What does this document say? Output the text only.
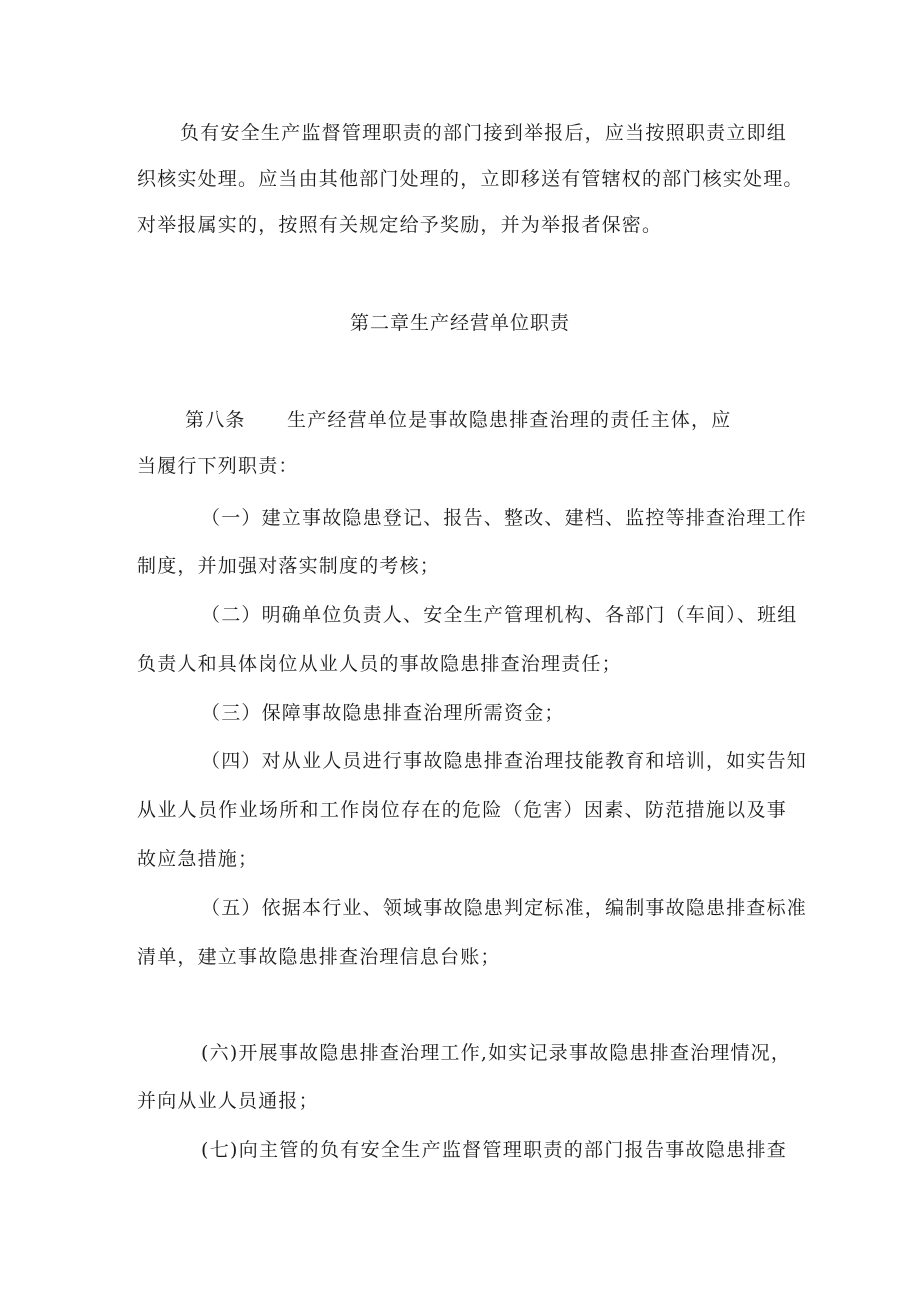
负有安全生产监督管理职责的部门接到举报后，应当按照职责立即组
织核实处理。应当由其他部门处理的，立即移送有管辖权的部门核实处理。
对举报属实的，按照有关规定给予奖励，并为举报者保密。
第二章生产经营单位职责
第八条 生产经营单位是事故隐患排查治理的责任主体，应
当履行下列职责：
（一）建立事故隐患登记、报告、整改、建档、监控等排查治理工作
制度，并加强对落实制度的考核；
（二）明确单位负责人、安全生产管理机构、各部门（车间）、班组
负责人和具体岗位从业人员的事故隐患排查治理责任；
（三）保障事故隐患排查治理所需资金；
（四）对从业人员进行事故隐患排查治理技能教育和培训，如实告知
从业人员作业场所和工作岗位存在的危险（危害）因素、防范措施以及事
故应急措施；
（五）依据本行业、领域事故隐患判定标准，编制事故隐患排查标准
清单，建立事故隐患排查治理信息台账；
(六)开展事故隐患排查治理工作,如实记录事故隐患排查治理情况，
并向从业人员通报；
(七)向主管的负有安全生产监督管理职责的部门报告事故隐患排查
